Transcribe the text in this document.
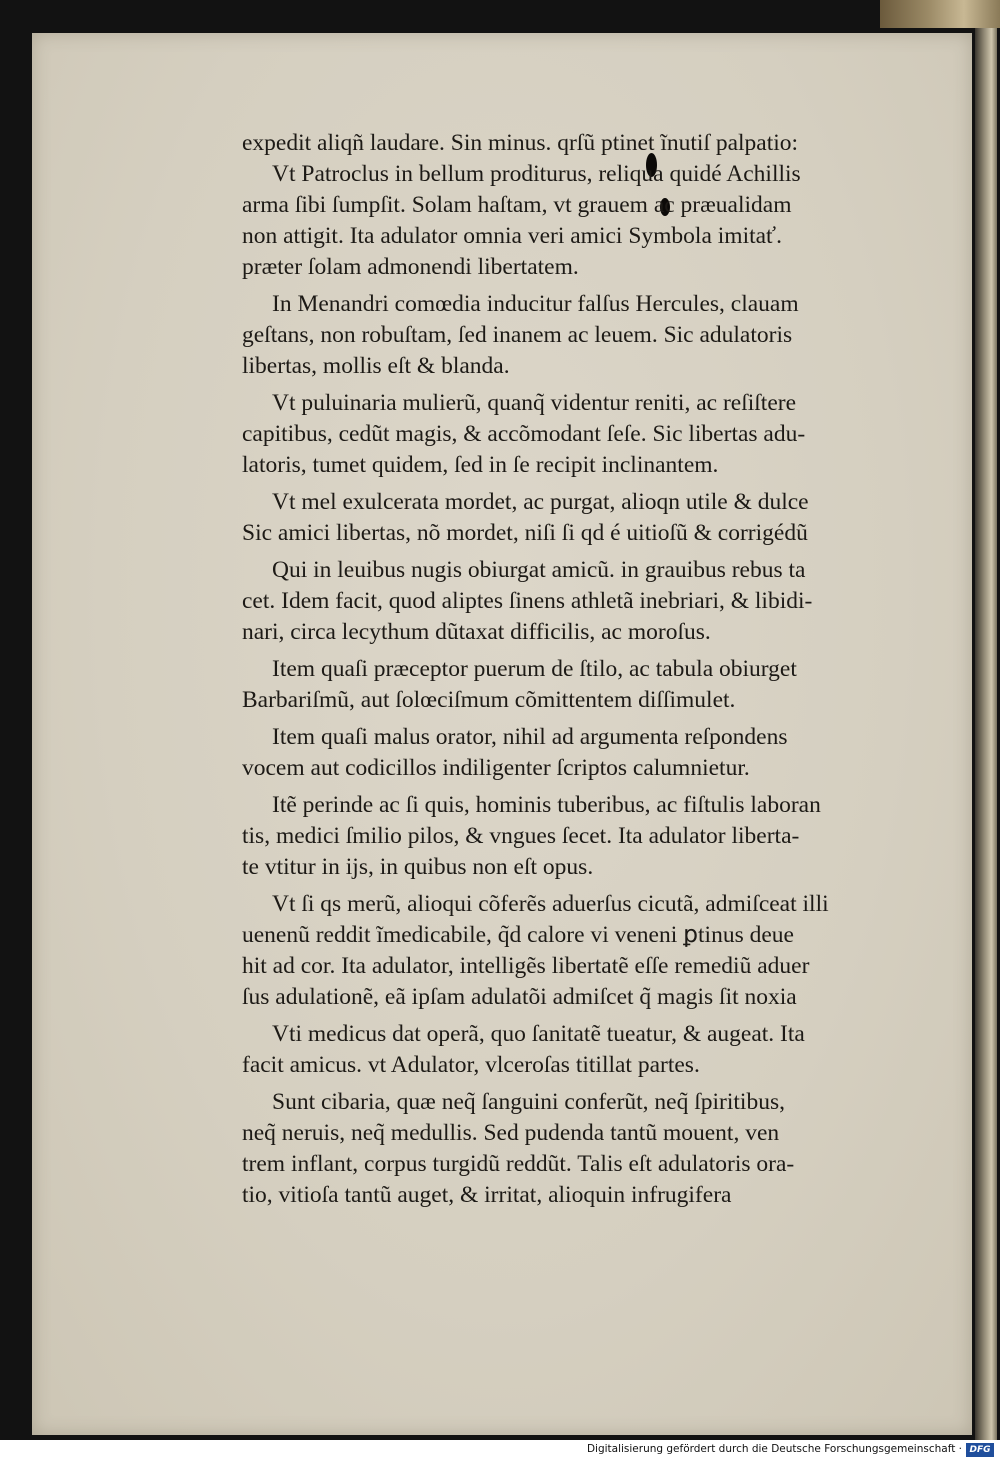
expedit aliqñ laudare. Sin minus. qrſũ ptinet ĩnutiſ palpatio:
Vt Patroclus in bellum proditurus, reliqua quidé Achillis
arma ſibi ſumpſit. Solam haſtam, vt grauem ac præualidam
non attigit. Ita adulator omnia veri amici Symbola imitať.
præter ſolam admonendi libertatem.
In Menandri comœdia inducitur falſus Hercules, clauam
geſtans, non robuſtam, ſed inanem ac leuem. Sic adulatoris
libertas, mollis eſt & blanda.
Vt puluinaria mulierũ, quanq̃ videntur reniti, ac reſiſtere
capitibus, cedũt magis, & accõmodant ſeſe. Sic libertas adu-
latoris, tumet quidem, ſed in ſe recipit inclinantem.
Vt mel exulcerata mordet, ac purgat, alioqn utile & dulce
Sic amici libertas, nõ mordet, niſi ſi qd é uitioſũ & corrigédũ
Qui in leuibus nugis obiurgat amicũ. in grauibus rebus ta
cet. Idem facit, quod aliptes ſinens athletã inebriari, & libidi-
nari, circa lecythum dũtaxat difficilis, ac moroſus.
Item quaſi præceptor puerum de ſtilo, ac tabula obiurget
Barbariſmũ, aut ſolœciſmum cõmittentem diſſimulet.
Item quaſi malus orator, nihil ad argumenta reſpondens
vocem aut codicillos indiligenter ſcriptos calumnietur.
Itẽ perinde ac ſi quis, hominis tuberibus, ac fiſtulis laboran
tis, medici ſmilio pilos, & vngues ſecet. Ita adulator liberta-
te vtitur in ijs, in quibus non eſt opus.
Vt ſi qs merũ, alioqui cõferẽs aduerſus cicutã, admiſceat illi
uenenũ reddit ĩmedicabile, q̃d calore vi veneni ꝑtinus deue
hit ad cor. Ita adulator, intelligẽs libertatẽ eſſe remediũ aduer
ſus adulationẽ, eã ipſam adulatõi admiſcet q̃ magis ſit noxia
Vti medicus dat operã, quo ſanitatẽ tueatur, & augeat. Ita
facit amicus. vt Adulator, vlceroſas titillat partes.
Sunt cibaria, quæ neq̃ ſanguini conferũt, neq̃ ſpiritibus,
neq̃ neruis, neq̃ medullis. Sed pudenda tantũ mouent, ven
trem inflant, corpus turgidũ reddũt. Talis eſt adulatoris ora-
tio, vitioſa tantũ auget, & irritat, alioquin infrugifera
Digitalisierung gefördert durch die Deutsche Forschungsgemeinschaft · DFG
